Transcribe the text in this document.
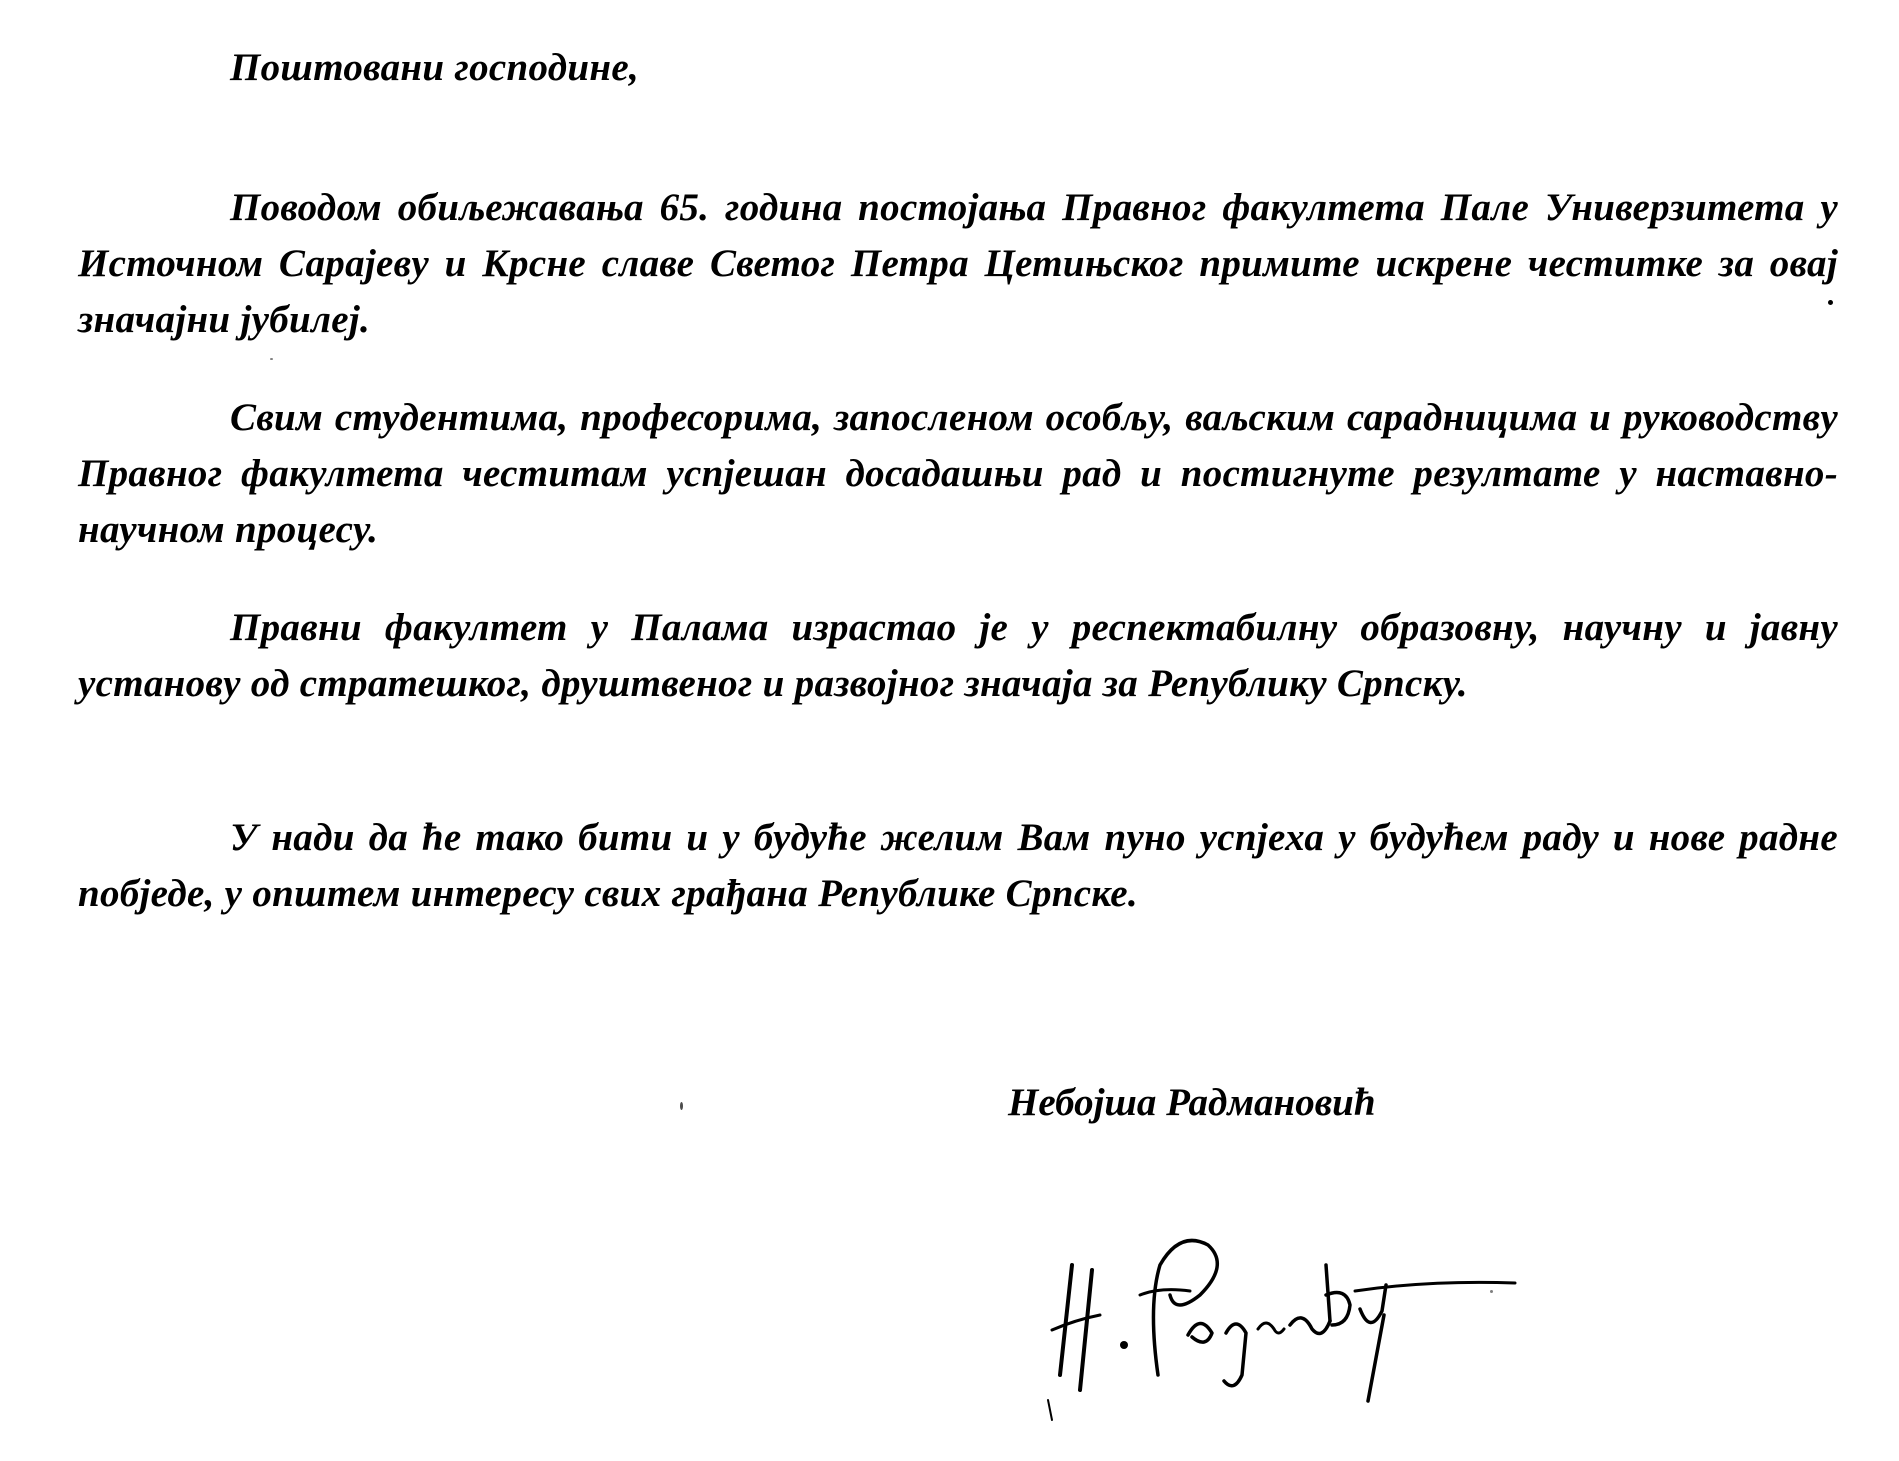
Поштовани господине,

Поводом обиљежавања 65. година постојања Правног факултета Пале Универзитета у Источном Сарајеву и Крсне славе Светог Петра Цетињског примите искрене честитке за овај значајни јубилеј.

Свим студентима, професорима, запосленом особљу, ваљским сарадницима и руководству Правног факултета честитам успјешан досадашњи рад и постигнуте резултате у наставно-научном процесу.

Правни факултет у Палама израстао је у респектабилну образовну, научну и јавну установу од стратешког, друштвеног и развојног значаја за Републику Српску.

У нади да ће тако бити и у будуће желим Вам пуно успјеха у будућем раду и нове радне побједе, у општем интересу свих грађана Републике Српске.

Небојша Радмановић
